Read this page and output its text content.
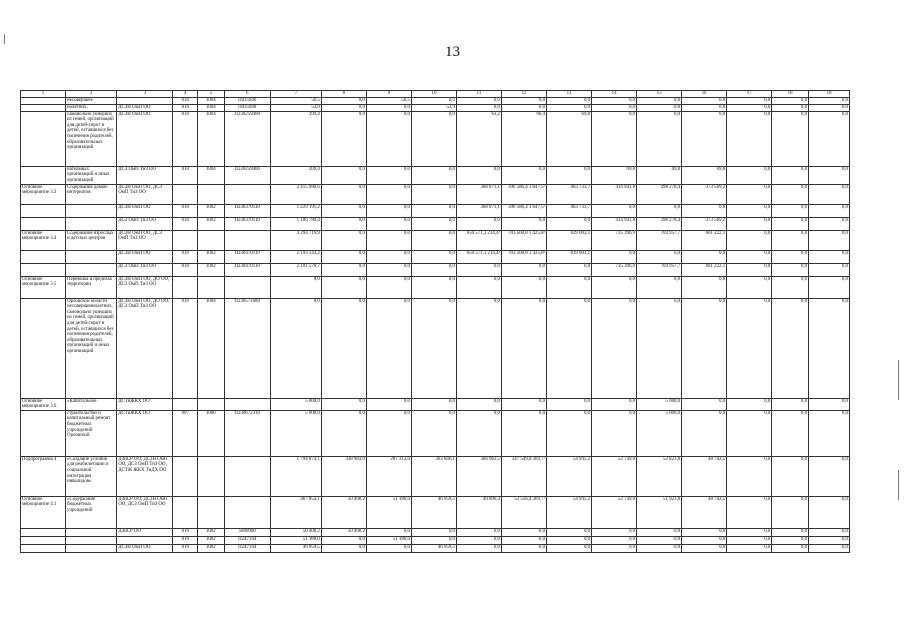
13
1	2	3	4	5	6	7	8	9	10	11	12	13	14	15	16	17	18	19
	несовершен-		010	1004	П035940	56,5	0,0	56,5	0,0	0,0	0,0	0,0	0,0	0,0	0,0	0,0	0,0	0,0
	нолетних,	ДСЗН ОмП ОО	010	1004	П035940	53,9	0,0	0,0	53,9	0,0	0,0	0,0	0,0	0,0	0,0	0,0	0,0	0,0
	самовольно ушедших из семей, организаций для детей-сирот и детей, оставшихся без попечения родителей, образовательных организаций	ДСЗН ОмП ОО	010	1004	П230259400	399,4	0,0	0,0	0,0	63,2	66,4	69,8	0,0	0,0	0,0	0,0	0,0	0,0
	нательных организаций и иных организаций	ДСЗ ОмП ТиЗ ОО	010	1004	П230259400	209,4	0,0	0,0	0,0	0,0	0,0	0,0	69,8	69,8	69,8	0,0	0,0	0,0
Основное мероприятие 3.3	Содержание домов-интернатов	ДСЗН ОмП ОО, ДСЗ ОмП ТиЗ ОО				2 415 980,6	0,0	0,0	0,0	368 871,1	396 586,4 1 847,5²	463 733,7	414 941,8	398 278,4	373 569,2	0,0	0,0	0,0
		ДСЗН ОмП ОО	010	1002	П230370110	1 229 191,2	0,0	0,0	0,0	368 871,1	396 586,4 1 847,5²	463 733,7	0,0	0,0	0,0	0,0	0,0	0,0
		ДСЗ ОмП ТиЗ ОО	010	1002	П230370110	1 186 789,4	0,0	0,0	0,0	0,0	0,0	0,0	414 941,8	398 278,4	373 569,2	0,0	0,0	0,0
Основное мероприятие 3.4	Содержание взрослых и детских центров	ДСЗН ОмП ОО, ДСЗ ОмП ТиЗ ОО				4 294 719,9	0,0	0,0	0,0	650 571,3 214,4²	703 568,8 1 425,8²	839 003,1	735 396,9	704 957,7	661 222,1	0,0	0,0	0,0
		ДСЗН ОмП ОО	010	1002	П230470110	2 193 143,2	0,0	0,0	0,0	650 571,3 214,4²	703 568,8 1 425,8²	839 003,1	0,0	0,0	0,0	0,0	0,0	0,0
		ДСЗ ОмП ТиЗ ОО	010	1002	П230470110	2 101 576,7	0,0	0,0	0,0	0,0	0,0	0,0	735 396,9	704 957,7	661 222,1	0,0	0,0	0,0
Основное мероприятие 3.5	Перевозка в пределах территории	ДСЗН ОмП ОО, ДО ОО, ДСЗ ОмП ТиЗ ОО				0,0	0,0	0,0	0,0	0,0	0,0	0,0	0,0	0,0	0,0	0,0	0,0	0,0
	Орловской области несовершеннолетних, самовольно ушедших из семей, организаций для детей-сирот и детей, оставшихся без попечения родителей, образовательных организаций и иных организаций	ДСЗН ОмП ОО, ДО ОО, ДСЗ ОмП ТиЗ ОО	010	1004	П230571680	0,0	0,0	0,0	0,0	0,0	0,0	0,0	0,0	0,0	0,0	0,0	0,0	0,0
Основное мероприятие 3.6	«Капитальное	ДСТиЖКХ ОО				5 000,0	0,0	0,0	0,0	0,0	0,0	0,0	0,0	5 000,0	0,0	0,0	0,0	0,0
	строительство и капитальный ремонт бюджетных учреждений Орловской	ДСТиЖКХ ОО	007	1006	П230672310	5 000,0	0,0	0,0	0,0	0,0	0,0	0,0	0,0	5 000,0	0,0	0,0	0,0	0,0
Подпрограмма 4	«Создание условий для реабилитации и социальной интеграции инвалидов»	ДЗиСР ОО, ДСЗН ОмП ОО, ДСЗ ОмП ТиЗ ОО, ДСТЖ ЖКХ ТиДХ ОО				1 794 874,1	338 983,0	287 313,0	303 846,1	306 963,5	347 549,0 369,7²	54 945,2	53 749,0	52 823,8	48 702,5	0,0	0,0	0,0
Основное мероприятие 4.1	«Содержание бюджетных учреждений	ДЗиСР ОО, ДСЗН ОмП ОО, ДСЗ ОмП ТиЗ ОО				467 854,1	50 408,2	51 188,0	46 959,5	49 896,4	53 556,4 369,7²	54 945,2	53 749,0	51 923,8	48 702,5	0,0	0,0	0,0
		ДЗиСР ОО	010	1002	5089900	50 408,2	50 408,2	0,0	0,0	0,0	0,0	0,0	0,0	0,0	0,0	0,0	0,0	0,0
			010	1002	П247144	51 188,0	0,0	51 188,0	0,0	0,0	0,0	0,0	0,0	0,0	0,0	0,0	0,0	0,0
		ДСЗН ОмП ОО	010	1002	П247144	46 959,5	0,0	0,0	46 959,5	0,0	0,0	0,0	0,0	0,0	0,0	0,0	0,0	0,0
